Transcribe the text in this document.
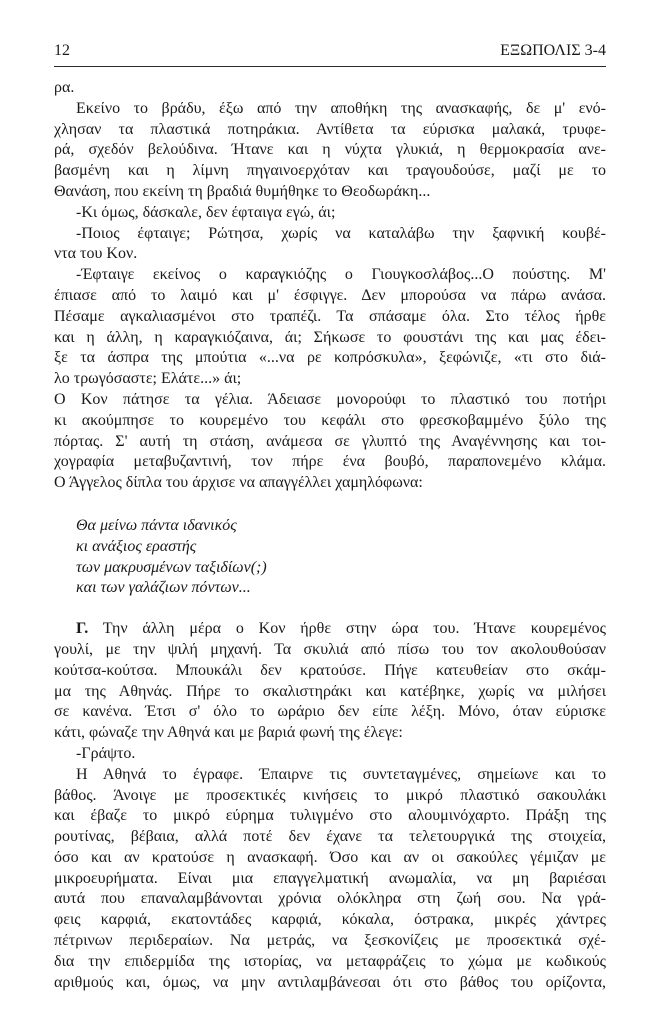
12	ΕΞΩΠΟΛΙΣ 3-4
ρα.
Εκείνο το βράδυ, έξω από την αποθήκη της ανασκαφής, δε μ' ενό-
χλησαν τα πλαστικά ποτηράκια. Αντίθετα τα εύρισκα μαλακά, τρυφε-
ρά, σχεδόν βελούδινα. Ήτανε και η νύχτα γλυκιά, η θερμοκρασία ανε-
βασμένη και η λίμνη πηγαινοερχόταν και τραγουδούσε, μαζί με το
Θανάση, που εκείνη τη βραδιά θυμήθηκε το Θεοδωράκη...
-Κι όμως, δάσκαλε, δεν έφταιγα εγώ, άι;
-Ποιος έφταιγε; Ρώτησα, χωρίς να καταλάβω την ξαφνική κουβέ-
ντα του Κον.
-Έφταιγε εκείνος ο καραγκιόζης ο Γιουγκοσλάβος...Ο πούστης. Μ'
έπιασε από το λαιμό και μ' έσφιγγε. Δεν μπορούσα να πάρω ανάσα.
Πέσαμε αγκαλιασμένοι στο τραπέζι. Τα σπάσαμε όλα. Στο τέλος ήρθε
και η άλλη, η καραγκιόζαινα, άι; Σήκωσε το φουστάνι της και μας έδει-
ξε τα άσπρα της μπούτια «...να ρε κοπρόσκυλα», ξεφώνιζε, «τι στο διά-
λο τρωγόσαστε; Ελάτε...» άι;
Ο Κον πάτησε τα γέλια. Άδειασε μονορούφι το πλαστικό του ποτήρι
κι ακούμπησε το κουρεμένο του κεφάλι στο φρεσκοβαμμένο ξύλο της
πόρτας. Σ' αυτή τη στάση, ανάμεσα σε γλυπτό της Αναγέννησης και τοι-
χογραφία μεταβυζαντινή, τον πήρε ένα βουβό, παραπονεμένο κλάμα.
Ο Άγγελος δίπλα του άρχισε να απαγγέλλει χαμηλόφωνα:
Θα μείνω πάντα ιδανικός
κι ανάξιος εραστής
των μακρυσμένων ταξιδίων(;)
και των γαλάζιων πόντων...
Γ. Την άλλη μέρα ο Κον ήρθε στην ώρα του. Ήτανε κουρεμένος
γουλί, με την ψιλή μηχανή. Τα σκυλιά από πίσω του τον ακολουθούσαν
κούτσα-κούτσα. Μπουκάλι δεν κρατούσε. Πήγε κατευθείαν στο σκάμ-
μα της Αθηνάς. Πήρε το σκαλιστηράκι και κατέβηκε, χωρίς να μιλήσει
σε κανένα. Έτσι σ' όλο το ωράριο δεν είπε λέξη. Μόνο, όταν εύρισκε
κάτι, φώναζε την Αθηνά και με βαριά φωνή της έλεγε:
-Γράψτο.
Η Αθηνά το έγραφε. Έπαιρνε τις συντεταγμένες, σημείωνε και το
βάθος. Άνοιγε με προσεκτικές κινήσεις το μικρό πλαστικό σακουλάκι
και έβαζε το μικρό εύρημα τυλιγμένο στο αλουμινόχαρτο. Πράξη της
ρουτίνας, βέβαια, αλλά ποτέ δεν έχανε τα τελετουργικά της στοιχεία,
όσο και αν κρατούσε η ανασκαφή. Όσο και αν οι σακούλες γέμιζαν με
μικροευρήματα. Είναι μια επαγγελματική ανωμαλία, να μη βαριέσαι
αυτά που επαναλαμβάνονται χρόνια ολόκληρα στη ζωή σου. Να γρά-
φεις καρφιά, εκατοντάδες καρφιά, κόκαλα, όστρακα, μικρές χάντρες
πέτρινων περιδεραίων. Να μετράς, να ξεσκονίζεις με προσεκτικά σχέ-
δια την επιδερμίδα της ιστορίας, να μεταφράζεις το χώμα με κωδικούς
αριθμούς και, όμως, να μην αντιλαμβάνεσαι ότι στο βάθος του ορίζοντα,
